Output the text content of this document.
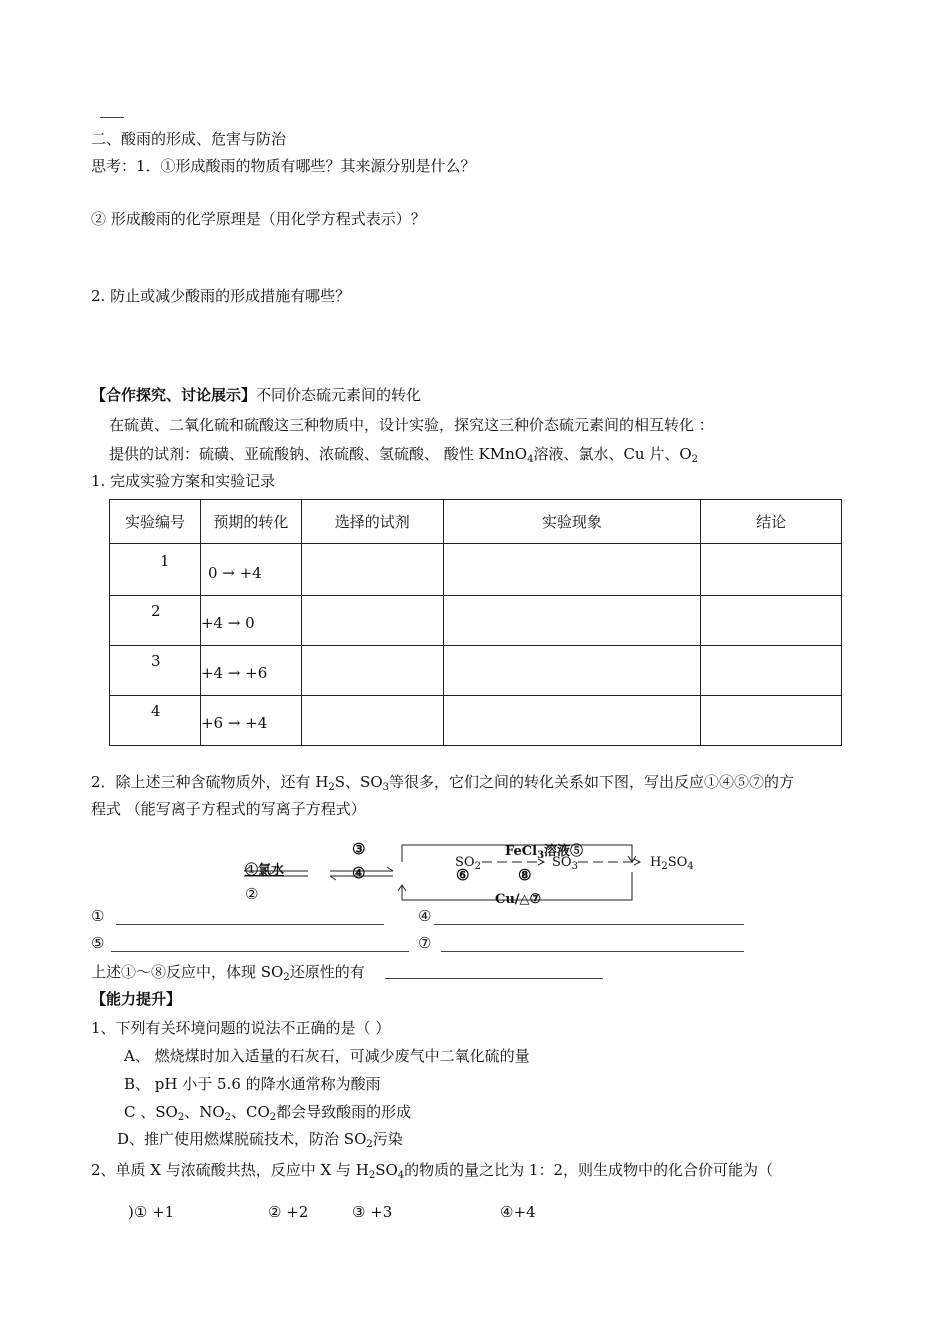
二、酸雨的形成、危害与防治
思考：1．①形成酸雨的物质有哪些？其来源分别是什么？
② 形成酸雨的化学原理是（用化学方程式表示）？
2. 防止或减少酸雨的形成措施有哪些？
【合作探究、讨论展示】不同价态硫元素间的转化
在硫黄、二氧化硫和硫酸这三种物质中，设计实验，探究这三种价态硫元素间的相互转化 ：
提供的试剂：硫磺、亚硫酸钠、浓硫酸、氢硫酸、 酸性 KMnO$_4$溶液、氯水、Cu 片、$O_2$
1. 完成实验方案和实验记录
实验编号	预期的转化	选择的试剂	实验现象	结论
1	0 → +4			
2	+4 → 0			
3	+4 → +6			
4	+6 → +4			
2．除上述三种含硫物质外，还有 $H_2S$、$SO_3$等很多，它们之间的转化关系如下图，写出反应①④⑤⑦的方
程式 （能写离子方程式的写离子方程式）
①氯水
②
③
④
FeCl$_3$溶液⑤
$SO_2$	$SO_3$	$H_2SO_4$
⑥	⑧
Cu/△⑦
①	④
⑤	⑦
上述①～⑧反应中，体现 $SO_2$还原性的有
【能力提升】
1、下列有关环境问题的说法不正确的是（ ）
A、 燃烧煤时加入适量的石灰石，可减少废气中二氧化硫的量
B、 pH 小于 5.6 的降水通常称为酸雨
C 、$SO_2$、$NO_2$、$CO_2$都会导致酸雨的形成
D、推广使用燃煤脱硫技术，防治 $SO_2$污染
2、单质 X 与浓硫酸共热，反应中 X 与 $H_2SO_4$的物质的量之比为 1：2，则生成物中的化合价可能为（
)① +1	② +2	③ +3	④+4
